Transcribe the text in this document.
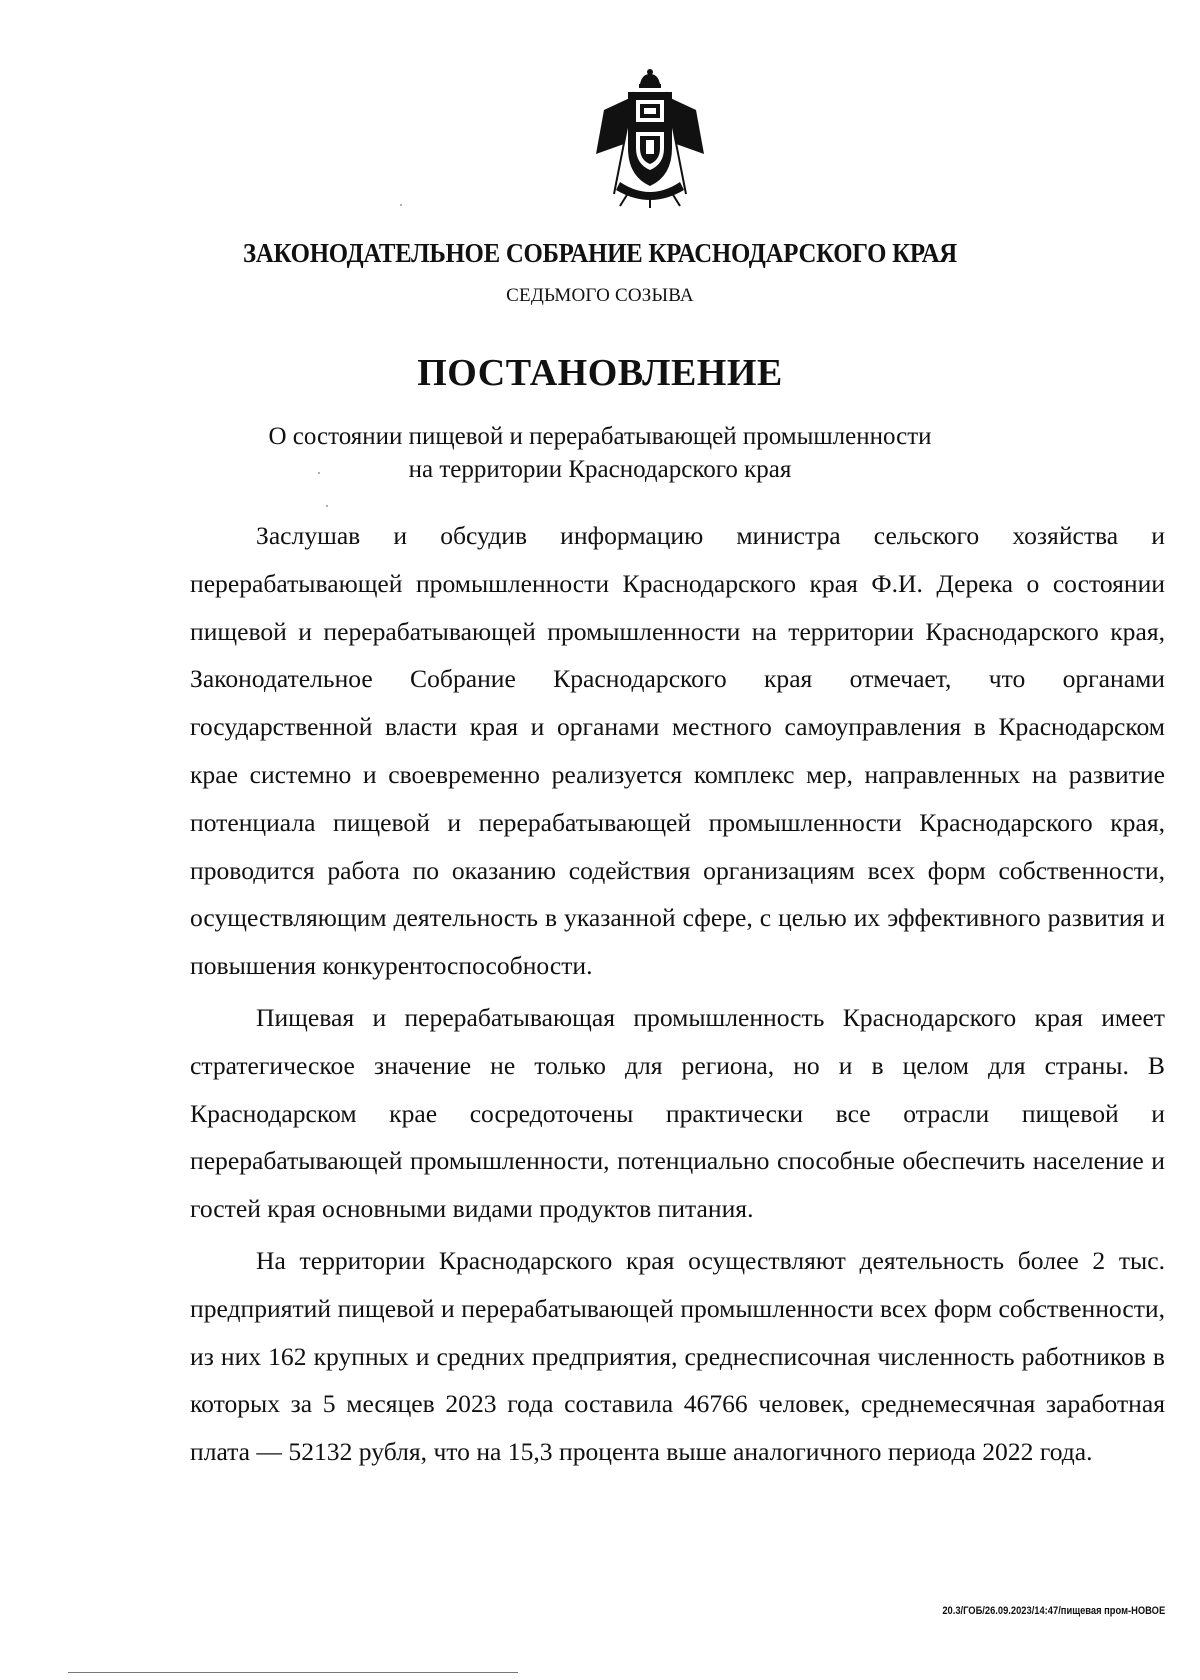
ЗАКОНОДАТЕЛЬНОЕ СОБРАНИЕ КРАСНОДАРСКОГО КРАЯ

СЕДЬМОГО СОЗЫВА

ПОСТАНОВЛЕНИЕ

О состоянии пищевой и перерабатывающей промышленности
на территории Краснодарского края

Заслушав и обсудив информацию министра сельского хозяйства и перерабатывающей промышленности Краснодарского края Ф.И. Дерека о состоянии пищевой и перерабатывающей промышленности на территории Краснодарского края, Законодательное Собрание Краснодарского края отмечает, что органами государственной власти края и органами местного самоуправления в Краснодарском крае системно и своевременно реализуется комплекс мер, направленных на развитие потенциала пищевой и перерабатывающей промышленности Краснодарского края, проводится работа по оказанию содействия организациям всех форм собственности, осуществляющим деятельность в указанной сфере, с целью их эффективного развития и повышения конкурентоспособности.

Пищевая и перерабатывающая промышленность Краснодарского края имеет стратегическое значение не только для региона, но и в целом для страны. В Краснодарском крае сосредоточены практически все отрасли пищевой и перерабатывающей промышленности, потенциально способные обеспечить население и гостей края основными видами продуктов питания.

На территории Краснодарского края осуществляют деятельность более 2 тыс. предприятий пищевой и перерабатывающей промышленности всех форм собственности, из них 162 крупных и средних предприятия, среднесписочная численность работников в которых за 5 месяцев 2023 года составила 46766 человек, среднемесячная заработная плата — 52132 рубля, что на 15,3 процента выше аналогичного периода 2022 года.

20.3/ГОБ/26.09.2023/14:47/пищевая пром-НОВОЕ
